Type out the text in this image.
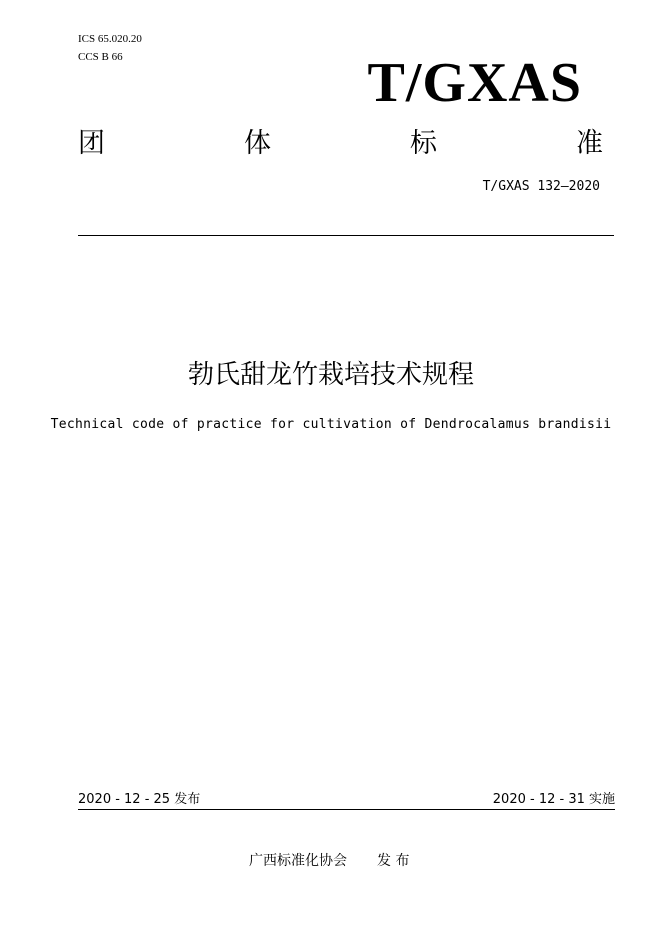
ICS 65.020.20
CCS B 66	T/GXAS
团	体	标	准
T/GXAS 132—2020
勃氏甜龙竹栽培技术规程
Technical code of practice for cultivation of Dendrocalamus brandisii
2020 - 12 - 25 发布	2020 - 12 - 31 实施
广西标准化协会 发 布
